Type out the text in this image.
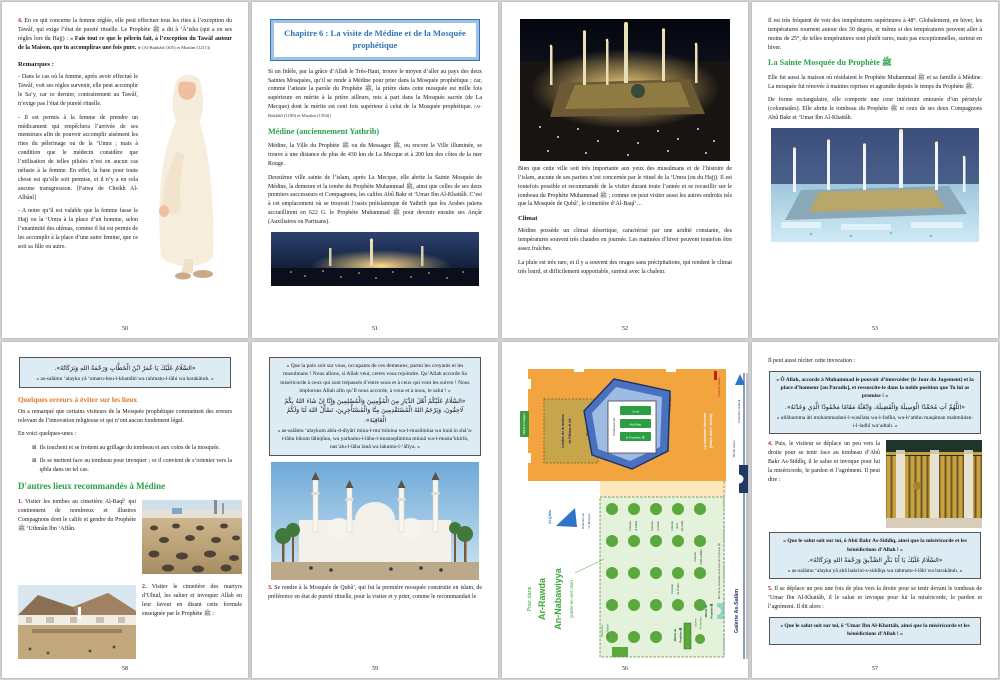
4. En ce qui concerne la femme réglée, elle peut effectuer tous les rites à l’exception du Tawâf, qui exige l’état de pureté rituelle. Le Prophète ﷺ a dit à ‘Â’isha (qui a eu ses règles lors du Hajj) : « Fais tout ce que le pèlerin fait, à l’exception du Tawâf autour de la Maison, que tu accompliras une fois pure. » [Al-Bukhârî (305) et Muslim (1211)]

Remarques :

- Dans le cas où la femme, après avoir effectué le Tawâf, voit ses règles survenir, elle peut accomplir le Sa‘y, car ce dernier, contrairement au Tawâf, n’exige pas l’état de pureté rituelle.

- Il est permis à la femme de prendre un médicament qui empêchera l’arrivée de ses menstrues afin de pouvoir accomplir aisément les rites du pèlerinage ou de la ‘Umra ; mais à condition que le médecin considère que l’utilisation de telles pilules n’est en aucun cas néfaste à la femme. En effet, la base pour toute chose est qu’elle soit permise, et il n’y a en cela aucune transgression. [Fatwa de Cheikh Al-Albânî]

- A noter qu’il est valable que la femme fasse le Hajj ou la ‘Umra à la place d’un homme, selon l’unanimité des ulémas, comme il lui est permis de les accomplir à la place d’une autre femme, que ce soit sa fille ou autre.

50
Chapitre 6 : La visite de Médine et de la Mosquée prophétique

Si un fidèle, par la grâce d’Allah le Très-Haut, trouve le moyen d’aller au pays des deux Saintes Mosquées, qu’il se rende à Médine pour prier dans la Mosquée prophétique ; car, comme l’atteste la parole du Prophète ﷺ, la prière dans cette mosquée est mille fois supérieure en mérite à la prière ailleurs, mis à part dans la Mosquée sacrée (de La Mecque) dont le mérite est cent fois supérieur à celui de la Mosquée prophétique. [Al-Bukhârî (1190) et Muslim (1394)]

Médine (anciennement Yathrib)

Médine, la Ville du Prophète ﷺ ou du Messager ﷺ, ou encore la Ville illuminée, se trouve à une distance de plus de 430 km de La Mecque et à 200 km des côtes de la mer Rouge.

Deuxième ville sainte de l’islam, après La Mecque, elle abrite la Sainte Mosquée de Médine, la demeure et la tombe du Prophète Muhammad ﷺ, ainsi que celles de ses deux premiers successeurs et Compagnons, les califes Abû Bakr et ‘Umar Ibn Al-Khattâb. C’est à cet emplacement où se trouvait l’oasis préislamique de Yathrib que les Arabes païens accueillirent en 622 G. le Prophète Muhammad ﷺ pour devenir ensuite ses Ançâr (Auxiliaires ou Partisans).

51

Bien que cette ville soit très importante aux yeux des musulmans et de l’histoire de l’islam, aucune de ses parties n’est concernée par le rituel de la ‘Umra (ou du Hajj). Il est toutefois possible et recommandé de la visiter durant toute l’année et se recueillir sur le tombeau du Prophète Muhammad ﷺ ; comme on peut visiter aussi les autres endroits tels que la Mosquée de Qubâ’, le cimetière d’Al-Baqî‘…

Climat

Médine possède un climat désertique, caractérisé par une aridité constante, des températures souvent très chaudes en journée. Les matinées d’hiver peuvent toutefois être assez fraîches.

La pluie est très rare, et il y a souvent des orages sans précipitations, qui rendent le climat très lourd, et difficilement supportable, surtout avec la chaleur.

52

Il est très fréquent de voir des températures supérieures à 48°. Globalement, en hiver, les températures tournent autour des 30 degrés, et même si des températures peuvent aller à moins de 25°, de telles températures sont plutôt rares, mais pas exceptionnelles, surtout en hiver.

La Sainte Mosquée du Prophète ﷺ

Elle fut aussi la maison où résidaient le Prophète Muhammad ﷺ et sa famille à Médine. La mosquée fut rénovée à maintes reprises et agrandie depuis le temps du Prophète ﷺ.

De forme rectangulaire, elle comporte une cour intérieure entourée d’un péristyle (colonnades). Elle abrite le tombeau du Prophète ﷺ et ceux de ses deux Compagnons Abû Bakr et ‘Umar Ibn Al-Khattâb.

53
«السَّلَامُ عَلَيْكَ يَا عُمَرُ ابْنُ الْخَطَّابِ وَرَحْمَةُ اللهِ وَبَرَكَاتُهُ».
« as-salâmu ‘alayka yâ ‘umaru-bnu-l-khattâbi wa rahmatu-l-lâhi wa barakâtuh. »
Quelques erreurs à éviter sur les lieux

On a remarqué que certains visiteurs de la Mosquée prophétique commettent des erreurs relevant de l’innovation religieuse et qui n’ont aucun fondement légal.

En voici quelques-unes :

⊠ Ils touchent et se frottent au grillage du tombeau et aux coins de la mosquée.
⊠ Ils se mettent face au tombeau pour invoquer ; or il convient de s’orienter vers la qibla dans un tel cas.
D'autres lieux recommandés à Médine

1. Visiter les tombes au cimetière Al-Baqî‘ qui contiennent de nombreux et illustres Compagnons dont le calife et gendre du Prophète ﷺ ‘Uthmân Ibn ‘Affân.

2. Visiter le cimetière des martyrs d’Uhud, les saluer et invoquer Allah en leur faveur en disant cette formule enseignée par le Prophète ﷺ :

58
« Que la paix soit sur vous, occupants de ces demeures, parmi les croyants et les musulmans ! Nous allons, si Allah veut, certes vous rejoindre. Qu’Allah accorde Sa miséricorde à ceux qui sont trépassés d’entre nous et à ceux qui vont les suivre ! Nous implorons Allah afin qu’Il nous accorde, à vous et à nous, le salut ! »
«السَّلَامُ عَلَيْكُمْ أَهْلَ الدِّيَارِ مِنَ الْمُؤْمِنِينَ وَالْمُسْلِمِينَ وَإِنَّا إِنْ شَاءَ اللهُ بِكُمْ لَاحِقُونَ، وَيَرْحَمُ اللهُ الْمُسْتَقْدِمِينَ مِنَّا وَالْمُسْتَأْخِرِينَ، نَسْأَلُ اللهَ لَنَا وَلَكُمُ الْعَافِيَةَ».
« as-salâmu ‘alaykum ahla-d-diyâri mina-l-mu’minina wa-l-muslimina wa innâ in shâ’a-l-lâhu bikum lâhiqûna, wa yarhamu-l-lâhu-l-mustaqdimina minnâ wa-l-musta’khirîn, nas’alu-l-lâha lanâ wa lakumu-l-‘âfiya. »

3. Se rendre à la Mosquée de Qubâ’, qui fut la première mosquée construite en islam, de préférence en état de pureté rituelle, pour la visiter et y prier, comme le recommandait le

59
Limites de la maison de Fâtima et Ali
Mihrâb du Tahajjud
Porte de Fâtima
Tombeaux de
‘Umar
Abû Bakr
le Prophète ﷺ
Mur pentagonal
La chambre Honorée (Notre mère ‘Aisha)
Colonne	al-wufûd	Colonne	al-haras	Colonne du lit (as-sarîr)
Colonne	d'Abî Lubâba
Colonne	de ‘Â’isha
Mihrâb du Prophète ﷺ
Minbar du Prophète ﷺ
Colonne Al-Hannâna
Plateforme pour l'Adhân
Mur de la mosquée au temps du Prophète ﷺ
Galerie As-Salâm
Mihrâb actuel
Cimetière Al-Baqî‘
Al-Qibla	Direction de La Mecque
Prier dans Ar-Rawda An-Nabawiyya (partie en vert clair)
56

Il peut aussi réciter cette invocation :

« Ô Allah, accorde à Muhammad le pouvoir d’intercéder (le Jour du Jugement) et la place d’honneur [au Paradis], et ressuscite-le dans la noble position que Tu lui as promise ! »
«اللَّهُمَّ آتِ مُحَمَّدًا الْوَسِيلَةَ وَالْفَضِيلَةَ، وَابْعَثْهُ مَقَامًا مَحْمُودًا الَّذِي وَعَدْتَهُ».
« allâhumma âti muhammadani-l-wasîlata wa-l-fadîla, wa-b‘athhu maqâman mahmûdan-i-l-ladhî wa‘adtah. »

4. Puis, le visiteur se déplace un peu vers la droite pour se tenir face au tombeau d’Abû Bakr As-Siddîq, il le salue et invoque pour lui la miséricorde, le pardon et l’agrément. Il peut dire :

« Que le salut soit sur toi, ô Abû Bakr As-Siddîq, ainsi que la miséricorde et les bénédictions d’Allah ! »
«السَّلَامُ عَلَيْكَ يَا أَبَا بَكْرٍ الصِّدِّيقَ وَرَحْمَةُ اللهِ وَبَرَكَاتُهُ».
« as-salâmu ‘alayka yâ abâ bakrini-s-siddîqa wa rahmatu-l-lâhi wa barakâtuh. »

5. Il se déplace un peu une fois de plus vers la droite pour se tenir devant le tombeau de ‘Umar Ibn Al-Khattâb, il le salue et invoque pour lui la miséricorde, le pardon et l’agrément. Il dit alors :

« Que le salut soit sur toi, ô ‘Umar Ibn Al-Khattâb, ainsi que la miséricorde et les bénédictions d’Allah ! »
57
